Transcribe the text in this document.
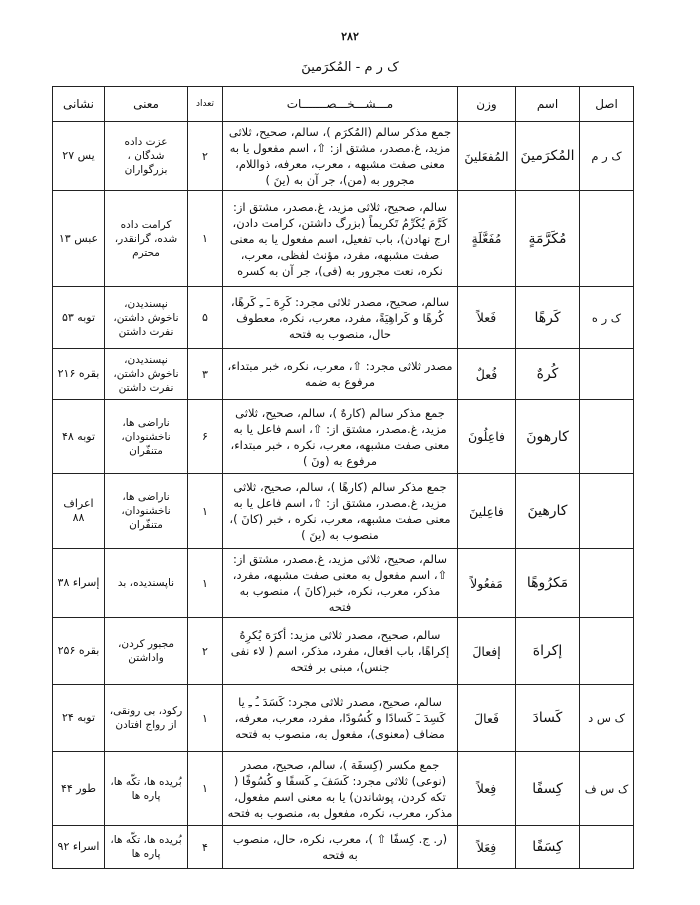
۲۸۲
ک ر م - المُکرَمینَ
اصل	اسم	وزن	مـــشـــخـــصـــــــات	تعداد	معنی	نشانی
ک ر م	المُکرَمینَ	المُفعَلینَ	جمع مذکر سالم (المُکرَم )، سالم، صحیح، ثلاثی مزید، غ.مصدر، مشتق از: ⇧، اسم مفعول یا به معنی صفت مشبهه ، معرب، معرفه، ذواللام، مجرور به (من)، جر آن به (ینَ )	۲	عزت داده شدگان ، بزرگواران	یس ۲۷
	مُکَرَّمَةٍ	مُفَعَّلَةٍ	سالم، صحیح، ثلاثی مزید، غ.مصدر، مشتق از: کَرَّمَ یُکَرِّمُ تَکریماً (بزرگ داشتن، کرامت دادن، ارج نهادن)، باب تفعیل، اسم مفعول یا به معنی صفت مشبهه، مفرد، مؤنث لفظی، معرب، نکره، نعت مجرور به (فی)، جر آن به کسره	۱	کرامت داده شده، گرانقدر، محترم	عبس ۱۳
ک ر ه	کَرهًا	فَعلاً	سالم، صحیح، مصدر ثلاثی مجرد: کَرِهَ ـَ ـِ کَرهًا، کُرهًا و کَراهِیَةً، مفرد، معرب، نکره، معطوف حال، منصوب به فتحه	۵	نپسندیدن، ناخوش داشتن، نفرت داشتن	توبه ۵۳
	کُرهٌ	فُعلٌ	مصدر ثلاثی مجرد: ⇧، معرب، نکره، خبر مبتداء، مرفوع به ضمه	۳	نپسندیدن، ناخوش داشتن، نفرت داشتن	بقره ۲۱۶
	کارهونَ	فاعِلُونَ	جمع مذکر سالم (کارهٌ )، سالم، صحیح، ثلاثی مزید، غ.مصدر، مشتق از: ⇧، اسم فاعل یا به معنی صفت مشبهه، معرب، نکره ، خبر مبتداء، مرفوع به (ونَ )	۶	ناراضی ها، ناخشنودان، متنفّران	توبه ۴۸
	کارهینَ	فاعِلینَ	جمع مذکر سالم (کارهًا )، سالم، صحیح، ثلاثی مزید، غ.مصدر، مشتق از: ⇧، اسم فاعل یا به معنی صفت مشبهه، معرب، نکره ، خبر (کانَ )، منصوب به (ینَ )	۱	ناراضی ها، ناخشنودان، متنفّران	اعراف ۸۸
	مَکرُوهًا	مَفعُولاً	سالم، صحیح، ثلاثی مزید، غ.مصدر، مشتق از: ⇧، اسم مفعول به معنی صفت مشبهه، مفرد، مذکر، معرب، نکره، خبر(کانَ )، منصوب به فتحه	۱	ناپسندیده، بد	إسراء ۳۸
	إکراهَ	إفعالَ	سالم، صحیح، مصدر ثلاثی مزید: أکرَهَ یُکرِهُ إکراهًا، باب افعال، مفرد، مذکر، اسم ( لاء نفی جنس)، مبنی بر فتحه	۲	مجبور کردن، واداشتن	بقره ۲۵۶
ک س د	کَسادَ	فَعالَ	سالم، صحیح، مصدر ثلاثی مجرد: کَسَدَ ـُ ـِ یا کَسِدَ ـَ کَسادًا و کُسُودًا، مفرد، معرب، معرفه، مضاف (معنوی)، مفعول به، منصوب به فتحه	۱	رکود، بی رونقی، از رواج افتادن	توبه ۲۴
ک س ف	کِسفًا	فِعلاً	جمع مکسر (کِسفَة )، سالم، صحیح، مصدر (نوعی) ثلاثی مجرد: کَسَفَ ـِ کَسفًا و کُسُوفًا ( تکه کردن، پوشاندن) یا به معنی اسم مفعول، مذکر، معرب، نکره، مفعول به، منصوب به فتحه	۱	بُریده ها، تکّه ها، پاره ها	طور ۴۴
	کِسَفًا	فِعَلاً	(ر. ج. کِسفًا ⇧ )، معرب، نکره، حال، منصوب به فتحه	۴	بُریده ها، تکّه ها، پاره ها	اسراء ۹۲
